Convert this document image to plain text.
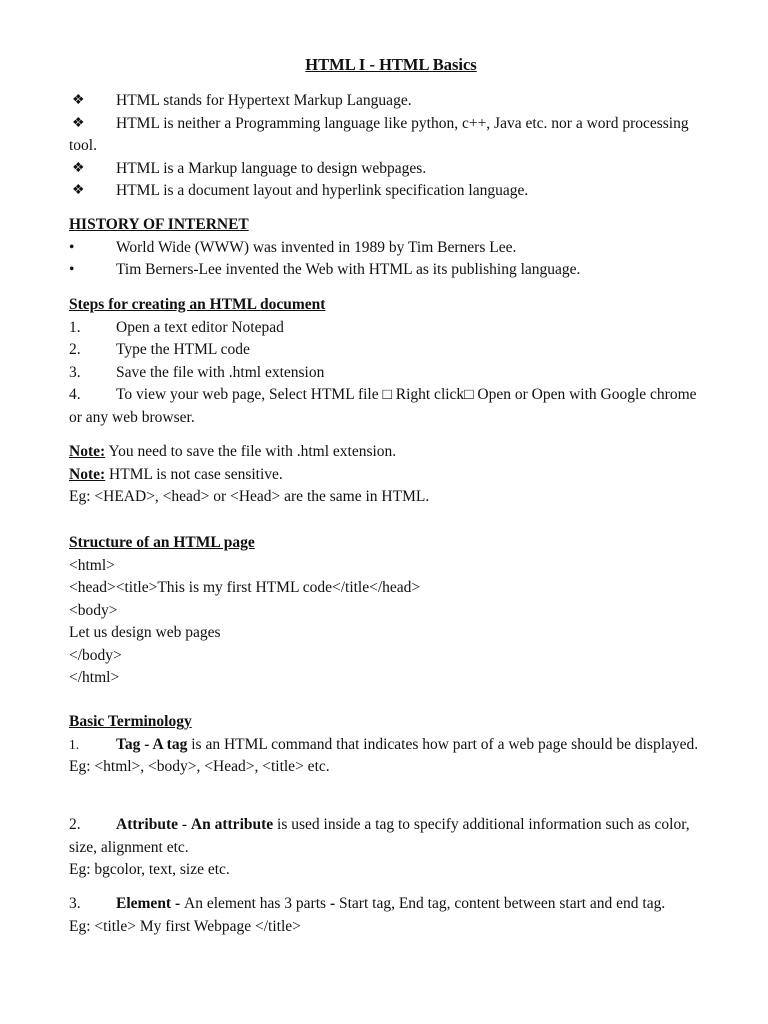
HTML I - HTML Basics
❖ HTML stands for Hypertext Markup Language.
❖ HTML is neither a Programming language like python, c++, Java etc. nor a word processing tool.
❖ HTML is a Markup language to design webpages.
❖ HTML is a document layout and hyperlink specification language.
HISTORY OF INTERNET
•	World Wide (WWW) was invented in 1989 by Tim Berners Lee.
•	Tim Berners-Lee invented the Web with HTML as its publishing language.
Steps for creating an HTML document
1. Open a text editor Notepad
2. Type the HTML code
3. Save the file with .html extension
4. To view your web page, Select HTML file □ Right click□ Open or Open with Google chrome or any web browser.
Note: You need to save the file with .html extension.
Note: HTML is not case sensitive.
Eg: <HEAD>, <head> or <Head> are the same in HTML.
Structure of an HTML page
<html>
<head><title>This is my first HTML code</title</head>
<body>
Let us design web pages
</body>
</html>
Basic Terminology
1. Tag - A tag is an HTML command that indicates how part of a web page should be displayed.
Eg: <html>, <body>, <Head>, <title> etc.
2. Attribute - An attribute is used inside a tag to specify additional information such as color, size, alignment etc.
Eg: bgcolor, text, size etc.
3. Element - An element has 3 parts - Start tag, End tag, content between start and end tag.
Eg: <title> My first Webpage </title>
